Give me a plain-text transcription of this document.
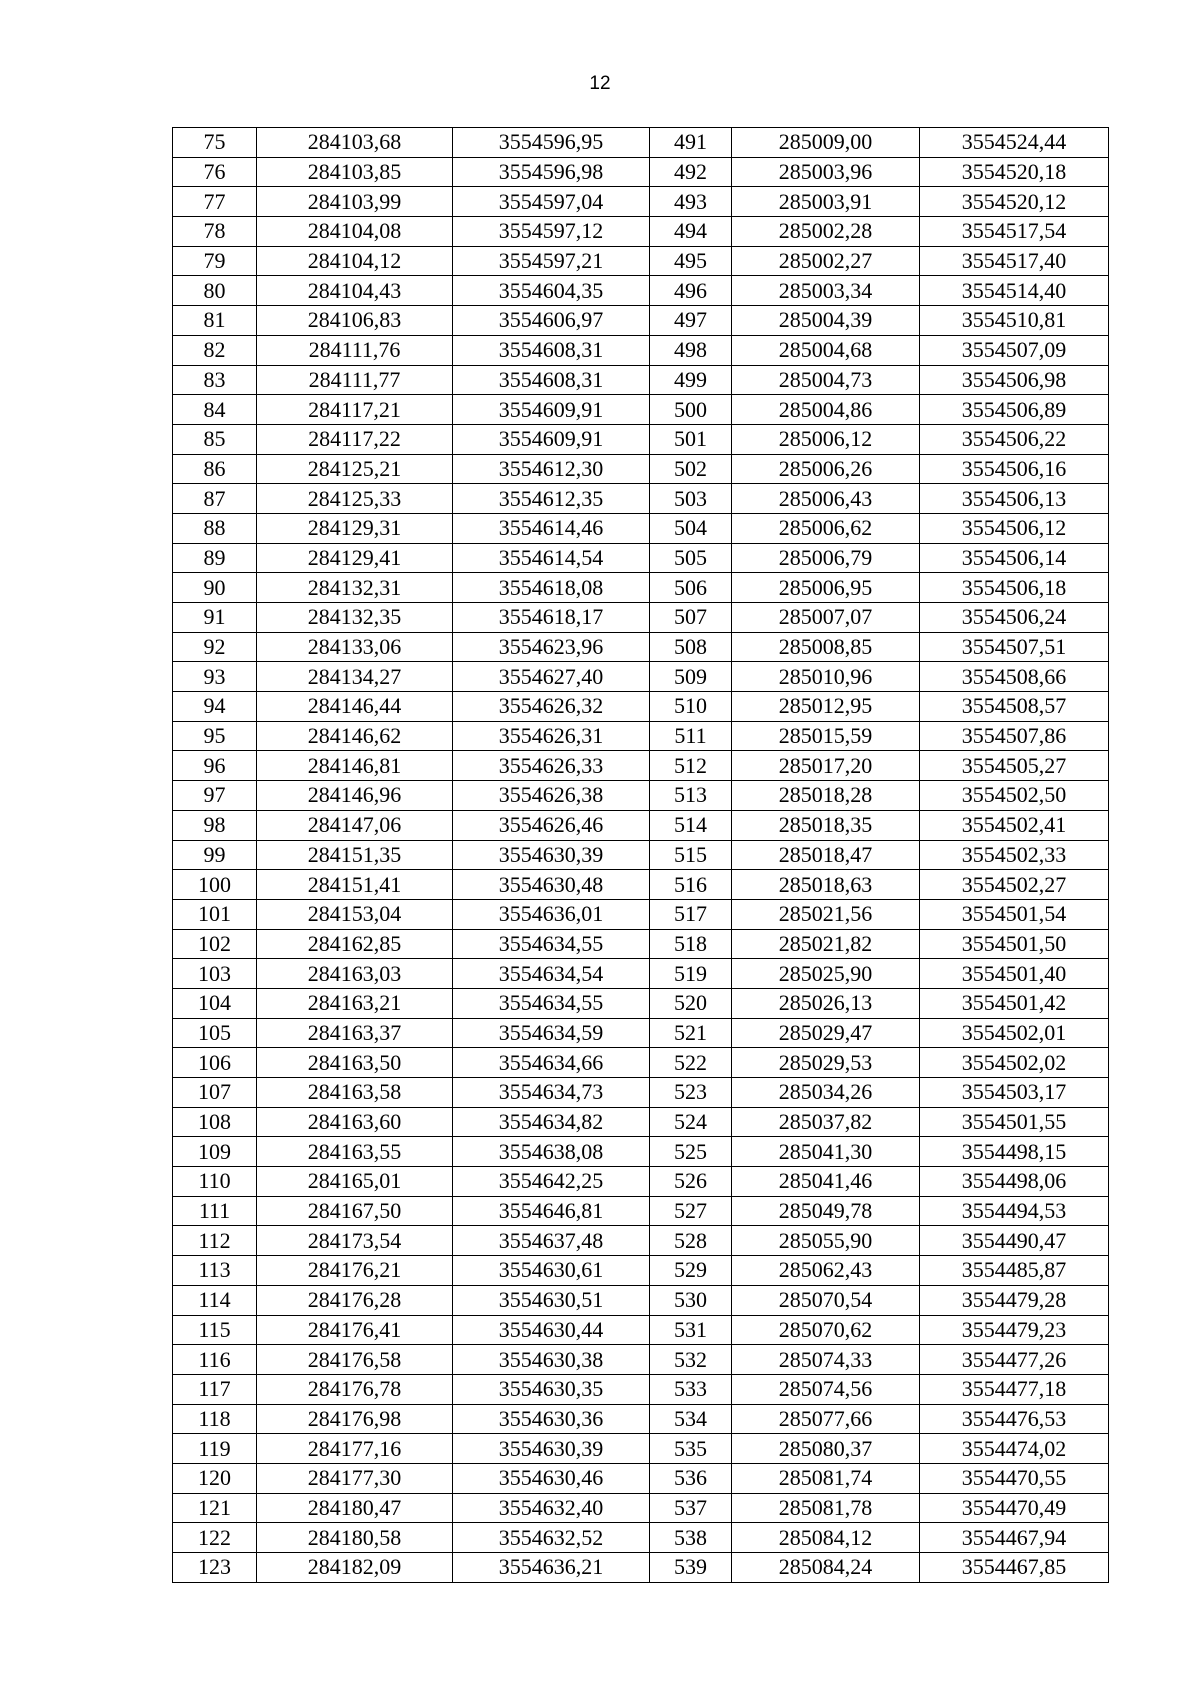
12
75	284103,68	3554596,95	491	285009,00	3554524,44
76	284103,85	3554596,98	492	285003,96	3554520,18
77	284103,99	3554597,04	493	285003,91	3554520,12
78	284104,08	3554597,12	494	285002,28	3554517,54
79	284104,12	3554597,21	495	285002,27	3554517,40
80	284104,43	3554604,35	496	285003,34	3554514,40
81	284106,83	3554606,97	497	285004,39	3554510,81
82	284111,76	3554608,31	498	285004,68	3554507,09
83	284111,77	3554608,31	499	285004,73	3554506,98
84	284117,21	3554609,91	500	285004,86	3554506,89
85	284117,22	3554609,91	501	285006,12	3554506,22
86	284125,21	3554612,30	502	285006,26	3554506,16
87	284125,33	3554612,35	503	285006,43	3554506,13
88	284129,31	3554614,46	504	285006,62	3554506,12
89	284129,41	3554614,54	505	285006,79	3554506,14
90	284132,31	3554618,08	506	285006,95	3554506,18
91	284132,35	3554618,17	507	285007,07	3554506,24
92	284133,06	3554623,96	508	285008,85	3554507,51
93	284134,27	3554627,40	509	285010,96	3554508,66
94	284146,44	3554626,32	510	285012,95	3554508,57
95	284146,62	3554626,31	511	285015,59	3554507,86
96	284146,81	3554626,33	512	285017,20	3554505,27
97	284146,96	3554626,38	513	285018,28	3554502,50
98	284147,06	3554626,46	514	285018,35	3554502,41
99	284151,35	3554630,39	515	285018,47	3554502,33
100	284151,41	3554630,48	516	285018,63	3554502,27
101	284153,04	3554636,01	517	285021,56	3554501,54
102	284162,85	3554634,55	518	285021,82	3554501,50
103	284163,03	3554634,54	519	285025,90	3554501,40
104	284163,21	3554634,55	520	285026,13	3554501,42
105	284163,37	3554634,59	521	285029,47	3554502,01
106	284163,50	3554634,66	522	285029,53	3554502,02
107	284163,58	3554634,73	523	285034,26	3554503,17
108	284163,60	3554634,82	524	285037,82	3554501,55
109	284163,55	3554638,08	525	285041,30	3554498,15
110	284165,01	3554642,25	526	285041,46	3554498,06
111	284167,50	3554646,81	527	285049,78	3554494,53
112	284173,54	3554637,48	528	285055,90	3554490,47
113	284176,21	3554630,61	529	285062,43	3554485,87
114	284176,28	3554630,51	530	285070,54	3554479,28
115	284176,41	3554630,44	531	285070,62	3554479,23
116	284176,58	3554630,38	532	285074,33	3554477,26
117	284176,78	3554630,35	533	285074,56	3554477,18
118	284176,98	3554630,36	534	285077,66	3554476,53
119	284177,16	3554630,39	535	285080,37	3554474,02
120	284177,30	3554630,46	536	285081,74	3554470,55
121	284180,47	3554632,40	537	285081,78	3554470,49
122	284180,58	3554632,52	538	285084,12	3554467,94
123	284182,09	3554636,21	539	285084,24	3554467,85
